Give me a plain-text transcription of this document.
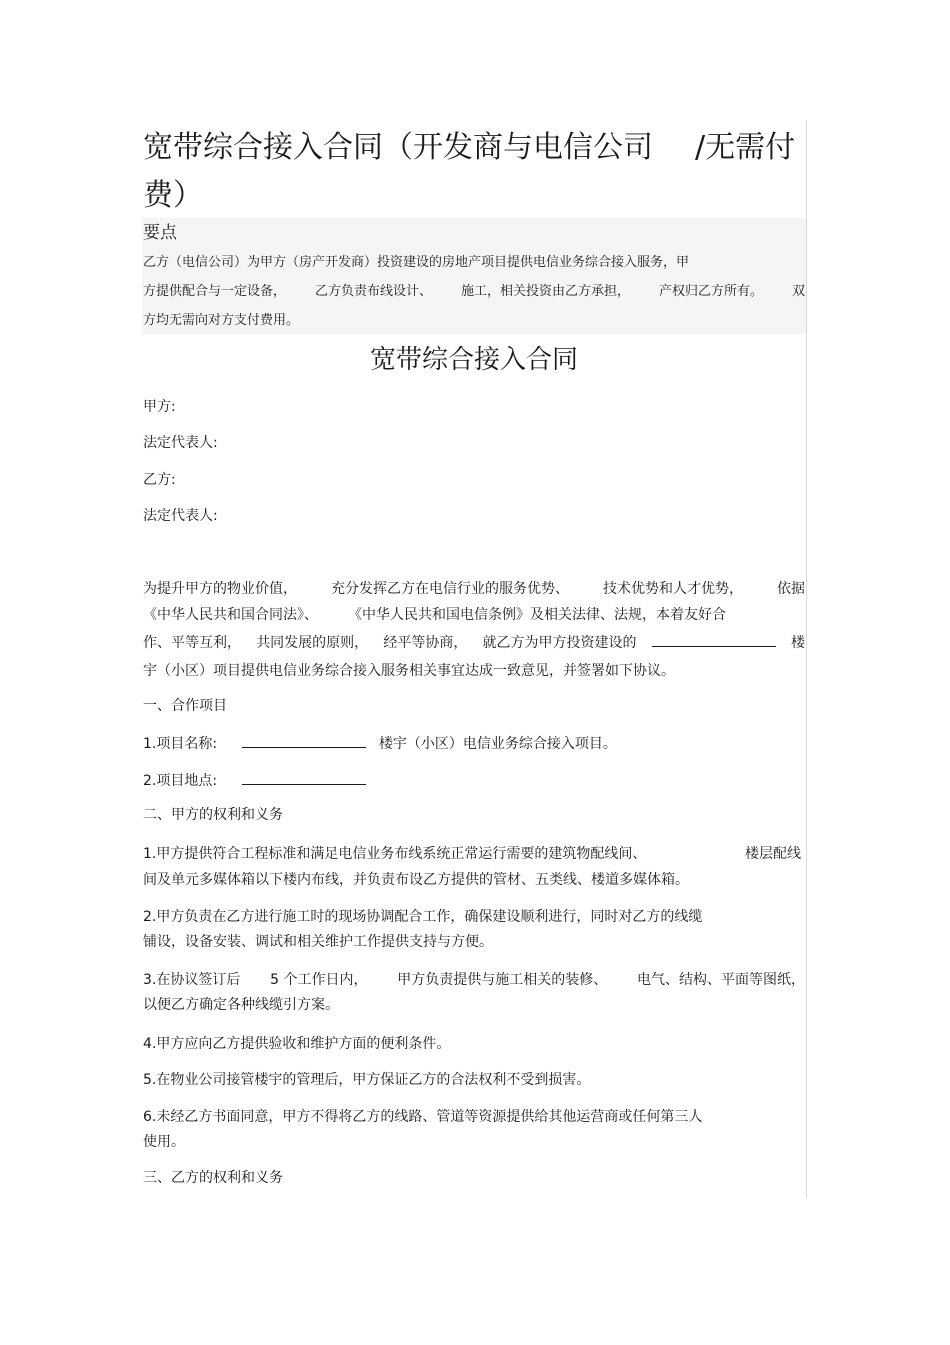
宽带综合接入合同（开发商与电信公司 /无需付
费）
要点
乙方（电信公司）为甲方（房产开发商）投资建设的房地产项目提供电信业务综合接入服务，甲
方提供配合与一定设备， 乙方负责布线设计、 施工，相关投资由乙方承担， 产权归乙方所有。 双
方均无需向对方支付费用。
宽带综合接入合同
甲方:
法定代表人:
乙方:
法定代表人:
为提升甲方的物业价值， 充分发挥乙方在电信行业的服务优势、 技术优势和人才优势， 依据
《中华人民共和国合同法》、 《中华人民共和国电信条例》及相关法律、法规，本着友好合
作、平等互利， 共同发展的原则， 经平等协商， 就乙方为甲方投资建设的	楼
宇（小区）项目提供电信业务综合接入服务相关事宜达成一致意见，并签署如下协议。
一、合作项目
1.项目名称:	楼宇（小区）电信业务综合接入项目。
2.项目地点:
二、甲方的权利和义务
1.甲方提供符合工程标准和满足电信业务布线系统正常运行需要的建筑物配线间、	楼层配线
间及单元多媒体箱以下楼内布线，并负责布设乙方提供的管材、五类线、楼道多媒体箱。
2.甲方负责在乙方进行施工时的现场协调配合工作，确保建设顺利进行，同时对乙方的线缆
铺设，设备安装、调试和相关维护工作提供支持与方便。
3.在协议签订后 5 个工作日内， 甲方负责提供与施工相关的装修、 电气、结构、平面等图纸，
以便乙方确定各种线缆引方案。
4.甲方应向乙方提供验收和维护方面的便利条件。
5.在物业公司接管楼宇的管理后，甲方保证乙方的合法权利不受到损害。
6.未经乙方书面同意，甲方不得将乙方的线路、管道等资源提供给其他运营商或任何第三人
使用。
三、乙方的权利和义务
